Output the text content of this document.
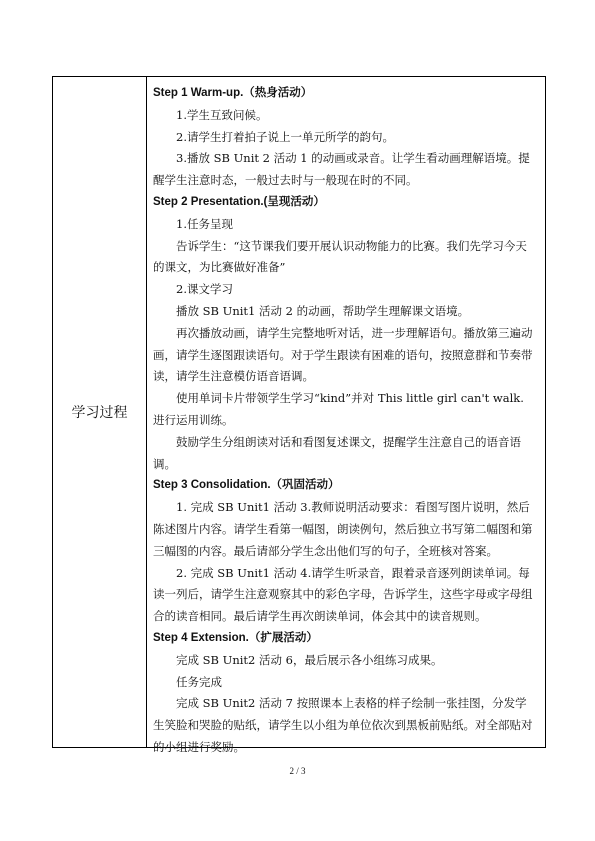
学习过程

Step 1 Warm-up.（热身活动）

1.学生互致问候。

2.请学生打着拍子说上一单元所学的韵句。

3.播放 SB Unit 2 活动 1 的动画或录音。让学生看动画理解语境。提醒学生注意时态，一般过去时与一般现在时的不同。

Step 2 Presentation.(呈现活动）

1.任务呈现

告诉学生：“这节课我们要开展认识动物能力的比赛。我们先学习今天的课文，为比赛做好准备”

2.课文学习

播放 SB Unit1 活动 2 的动画，帮助学生理解课文语境。

再次播放动画，请学生完整地听对话，进一步理解语句。播放第三遍动画，请学生逐图跟读语句。对于学生跟读有困难的语句，按照意群和节奏带读，请学生注意模仿语音语调。

使用单词卡片带领学生学习“kind”并对 This little girl can't walk. 进行运用训练。

鼓励学生分组朗读对话和看图复述课文，提醒学生注意自己的语音语调。

Step 3 Consolidation.（巩固活动）

1. 完成 SB Unit1 活动 3.教师说明活动要求：看图写图片说明，然后陈述图片内容。请学生看第一幅图，朗读例句，然后独立书写第二幅图和第三幅图的内容。最后请部分学生念出他们写的句子，全班核对答案。

2. 完成 SB Unit1 活动 4.请学生听录音，跟着录音逐列朗读单词。每读一列后，请学生注意观察其中的彩色字母，告诉学生，这些字母或字母组合的读音相同。最后请学生再次朗读单词，体会其中的读音规则。

Step 4 Extension.（扩展活动）

完成 SB Unit2 活动 6，最后展示各小组练习成果。

任务完成

完成 SB Unit2 活动 7 按照课本上表格的样子绘制一张挂图，分发学生笑脸和哭脸的贴纸，请学生以小组为单位依次到黑板前贴纸。对全部贴对的小组进行奖励。

2 / 3
